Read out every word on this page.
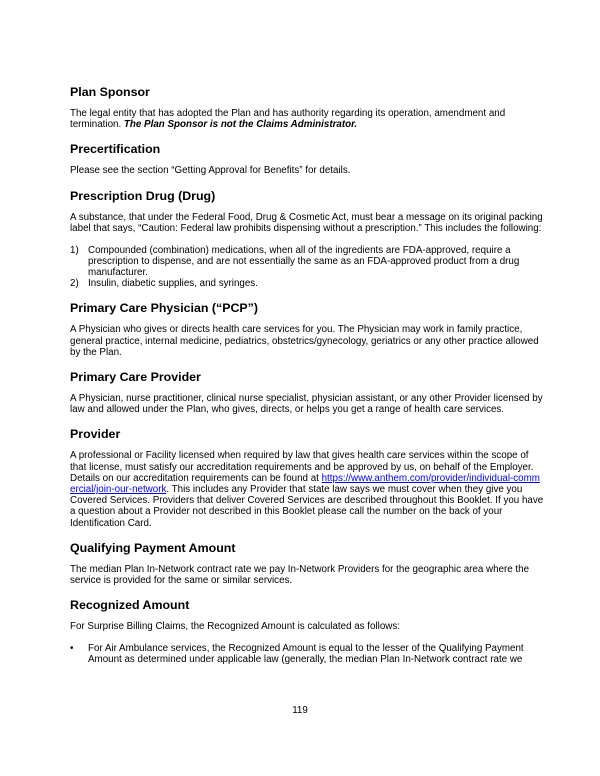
Plan Sponsor

The legal entity that has adopted the Plan and has authority regarding its operation, amendment and termination. The Plan Sponsor is not the Claims Administrator.

Precertification

Please see the section “Getting Approval for Benefits” for details.

Prescription Drug (Drug)

A substance, that under the Federal Food, Drug & Cosmetic Act, must bear a message on its original packing label that says, “Caution: Federal law prohibits dispensing without a prescription.” This includes the following:

1) Compounded (combination) medications, when all of the ingredients are FDA-approved, require a prescription to dispense, and are not essentially the same as an FDA-approved product from a drug manufacturer.
2) Insulin, diabetic supplies, and syringes.
Primary Care Physician (“PCP”)

A Physician who gives or directs health care services for you. The Physician may work in family practice, general practice, internal medicine, pediatrics, obstetrics/gynecology, geriatrics or any other practice allowed by the Plan.

Primary Care Provider

A Physician, nurse practitioner, clinical nurse specialist, physician assistant, or any other Provider licensed by law and allowed under the Plan, who gives, directs, or helps you get a range of health care services.

Provider

A professional or Facility licensed when required by law that gives health care services within the scope of that license, must satisfy our accreditation requirements and be approved by us, on behalf of the Employer. Details on our accreditation requirements can be found at https://www.anthem.com/provider/individual-commercial/join-our-network. This includes any Provider that state law says we must cover when they give you Covered Services. Providers that deliver Covered Services are described throughout this Booklet. If you have a question about a Provider not described in this Booklet please call the number on the back of your Identification Card.

Qualifying Payment Amount

The median Plan In-Network contract rate we pay In-Network Providers for the geographic area where the service is provided for the same or similar services.

Recognized Amount

For Surprise Billing Claims, the Recognized Amount is calculated as follows:

•	For Air Ambulance services, the Recognized Amount is equal to the lesser of the Qualifying Payment Amount as determined under applicable law (generally, the median Plan In-Network contract rate we
119
